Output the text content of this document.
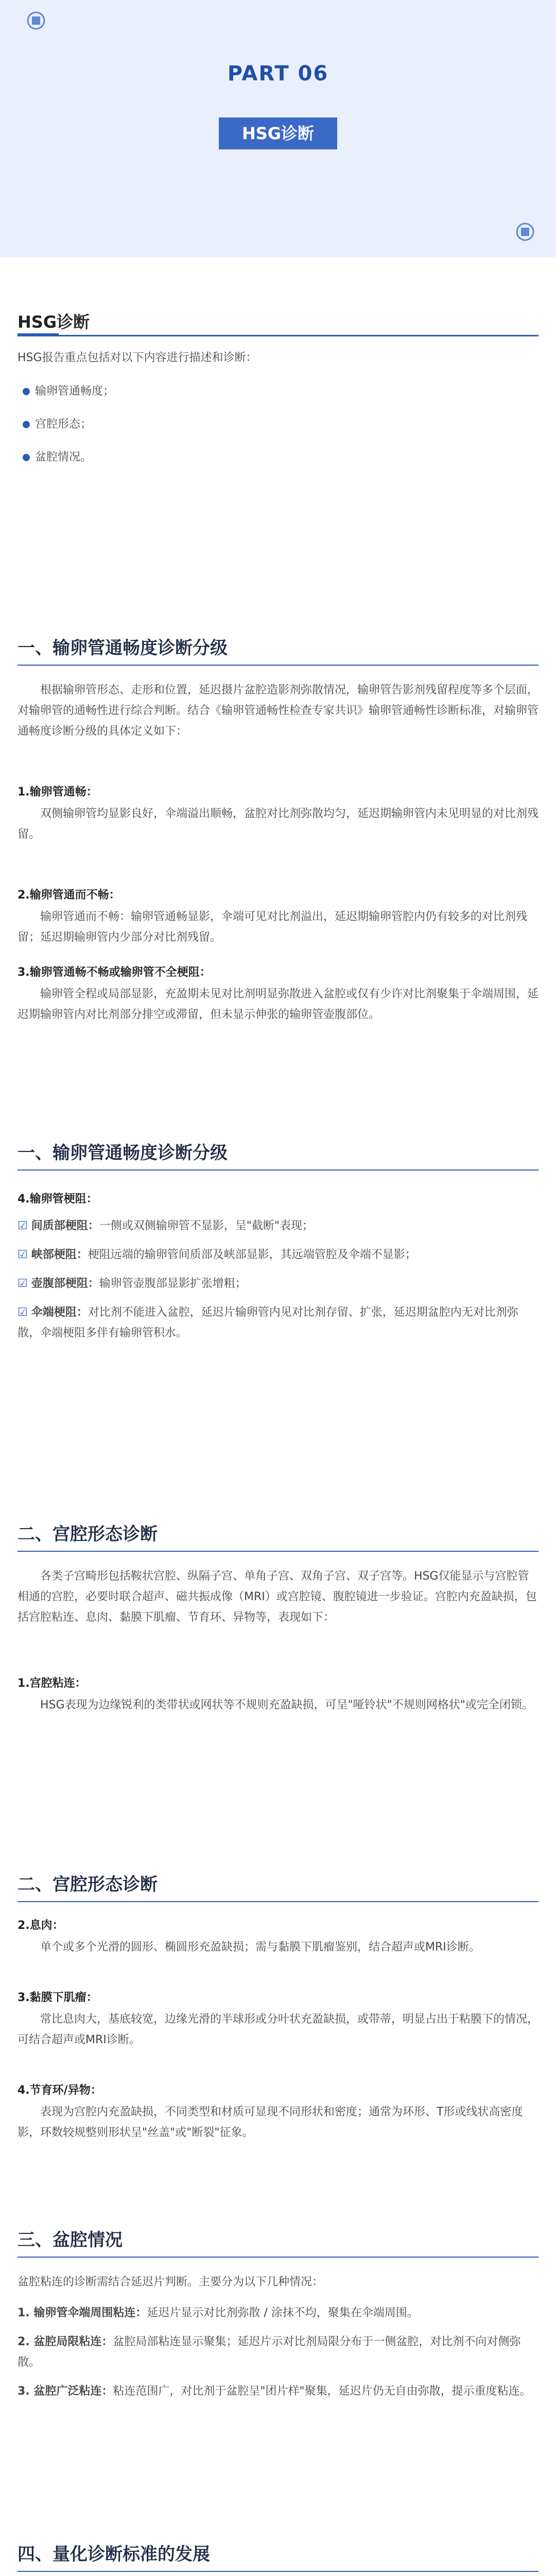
PART 06
HSG诊断
HSG诊断
HSG报告重点包括对以下内容进行描述和诊断：
输卵管通畅度；
宫腔形态；
盆腔情况。
一、输卵管通畅度诊断分级
根据输卵管形态、走形和位置，延迟摄片盆腔造影剂弥散情况，输卵管告影剂残留程度等多个层面，对输卵管的通畅性进行综合判断。结合《输卵管通畅性检查专家共识》输卵管通畅性诊断标准，对输卵管通畅度诊断分级的具体定义如下：
1.输卵管通畅：
双侧输卵管均显影良好，伞端溢出顺畅，盆腔对比剂弥散均匀，延迟期输卵管内未见明显的对比剂残留。
2.输卵管通而不畅：
输卵管通而不畅：输卵管通畅显影，伞端可见对比剂溢出，延迟期输卵管腔内仍有较多的对比剂残留；延迟期输卵管内少部分对比剂残留。
3.输卵管通畅不畅或输卵管不全梗阻：
输卵管全程或局部显影，充盈期未见对比剂明显弥散进入盆腔或仅有少许对比剂聚集于伞端周围，延迟期输卵管内对比剂部分排空或滞留，但未显示伸张的输卵管壶腹部位。
一、输卵管通畅度诊断分级
4.输卵管梗阻：
☑ 间质部梗阻：一侧或双侧输卵管不显影，呈"截断"表现；
☑ 峡部梗阻：梗阻远端的输卵管间质部及峡部显影，其远端管腔及伞端不显影；
☑ 壶腹部梗阻：输卵管壶腹部显影扩张增粗；
☑ 伞端梗阻：对比剂不能进入盆腔，延迟片输卵管内见对比剂存留、扩张，延迟期盆腔内无对比剂弥散，伞端梗阻多伴有输卵管积水。
二、宫腔形态诊断
各类子宫畸形包括鞍状宫腔、纵隔子宫、单角子宫、双角子宫、双子宫等。HSG仅能显示与宫腔管相通的宫腔，必要时联合超声、磁共振成像（MRI）或宫腔镜、腹腔镜进一步验证。宫腔内充盈缺损，包括宫腔粘连、息肉、黏膜下肌瘤、节育环、异物等，表现如下：
1.宫腔粘连：
HSG表现为边缘锐利的类带状或网状等不规则充盈缺损，可呈"哑铃状"不规则网格状"或完全闭锁。
二、宫腔形态诊断
2.息肉：
单个或多个光滑的圆形、椭圆形充盈缺损；需与黏膜下肌瘤鉴别，结合超声或MRI诊断。
3.黏膜下肌瘤：
常比息肉大，基底较宽，边缘光滑的半球形或分叶状充盈缺损，或带蒂，明显占出于粘膜下的情况，可结合超声或MRI诊断。
4.节育环/异物：
表现为宫腔内充盈缺损，不同类型和材质可显现不同形状和密度；通常为环形、T形或线状高密度影，环数较规整则形状呈"丝盖"或"断裂"征象。
三、盆腔情况
盆腔粘连的诊断需结合延迟片判断。主要分为以下几种情况：
1. 输卵管伞端周围粘连：延迟片显示对比剂弥散 / 涂抹不均，聚集在伞端周围。
2. 盆腔局限粘连：盆腔局部粘连显示聚集；延迟片示对比剂局限分布于一侧盆腔，对比剂不向对侧弥散。
3. 盆腔广泛粘连：粘连范围广，对比剂于盆腔呈"团片样"聚集，延迟片仍无自由弥散，提示重度粘连。
四、量化诊断标准的发展
